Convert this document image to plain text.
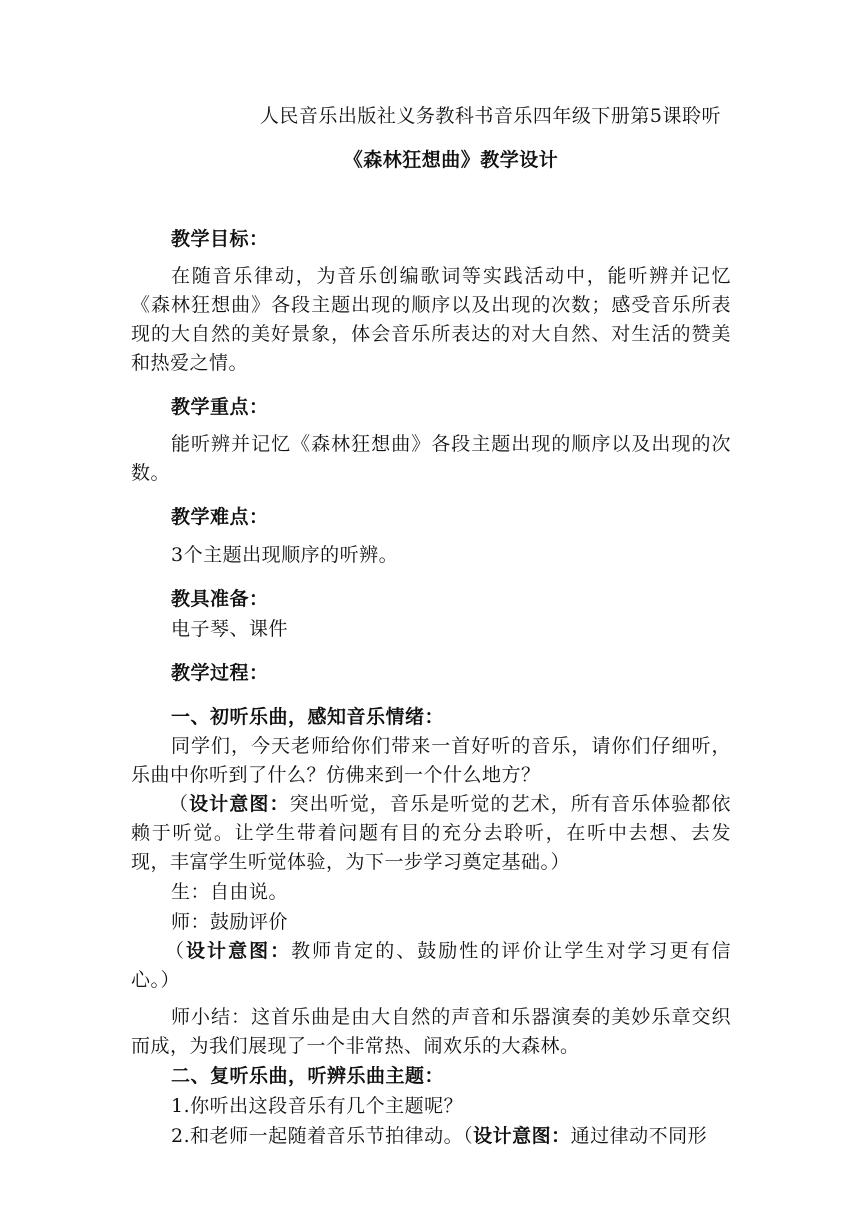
人民音乐出版社义务教科书音乐四年级下册第5课聆听

《森林狂想曲》教学设计

教学目标：

在随音乐律动，为音乐创编歌词等实践活动中，能听辨并记忆《森林狂想曲》各段主题出现的顺序以及出现的次数；感受音乐所表现的大自然的美好景象，体会音乐所表达的对大自然、对生活的赞美和热爱之情。

教学重点：

能听辨并记忆《森林狂想曲》各段主题出现的顺序以及出现的次数。

教学难点：

3个主题出现顺序的听辨。

教具准备：

电子琴、课件

教学过程：

一、初听乐曲，感知音乐情绪：

同学们，今天老师给你们带来一首好听的音乐，请你们仔细听，乐曲中你听到了什么？仿佛来到一个什么地方？

（设计意图：突出听觉，音乐是听觉的艺术，所有音乐体验都依赖于听觉。让学生带着问题有目的充分去聆听，在听中去想、去发现，丰富学生听觉体验，为下一步学习奠定基础。）

生：自由说。

师：鼓励评价

（设计意图：教师肯定的、鼓励性的评价让学生对学习更有信心。）

师小结：这首乐曲是由大自然的声音和乐器演奏的美妙乐章交织而成，为我们展现了一个非常热、闹欢乐的大森林。

二、复听乐曲，听辨乐曲主题：

1.你听出这段音乐有几个主题呢？

2.和老师一起随着音乐节拍律动。（设计意图：通过律动不同形
